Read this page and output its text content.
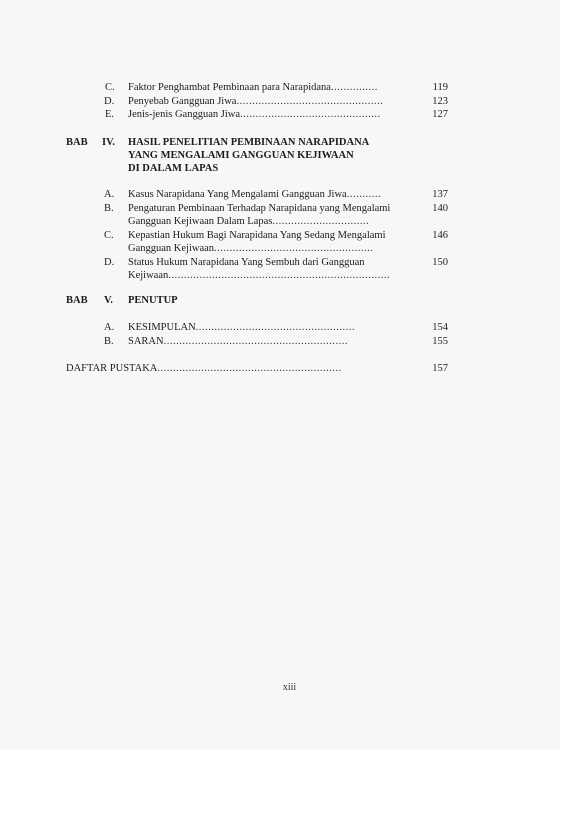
C. Faktor Penghambat Pembinaan para Narapidana...............	119
D. Penyebab Gangguan Jiwa...............................................	123
E. Jenis-jenis Gangguan Jiwa.............................................	127
BAB IV. HASIL PENELITIAN PEMBINAAN NARAPIDANA
YANG MENGALAMI GANGGUAN KEJIWAAN
DI DALAM LAPAS
A. Kasus Narapidana Yang Mengalami Gangguan Jiwa...........	137
B. Pengaturan Pembinaan Terhadap Narapidana yang Mengalami	140
Gangguan Kejiwaan Dalam Lapas...............................
C. Kepastian Hukum Bagi Narapidana Yang Sedang Mengalami	146
Gangguan Kejiwaan...................................................
D. Status Hukum Narapidana Yang Sembuh dari Gangguan	150
Kejiwaan.......................................................................
BAB V. PENUTUP
A. KESIMPULAN...................................................	154
B. SARAN...........................................................	155
DAFTAR PUSTAKA...........................................................	157
xiii
